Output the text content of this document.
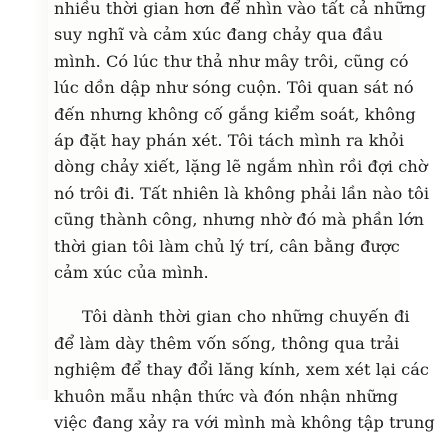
nhiều thời gian hơn để nhìn vào tất cả những
suy nghĩ và cảm xúc đang chảy qua đầu
mình. Có lúc thư thả như mây trôi, cũng có
lúc dồn dập như sóng cuộn. Tôi quan sát nó
đến nhưng không cố gắng kiểm soát, không
áp đặt hay phán xét. Tôi tách mình ra khỏi
dòng chảy xiết, lặng lẽ ngắm nhìn rồi đợi chờ
nó trôi đi. Tất nhiên là không phải lần nào tôi
cũng thành công, nhưng nhờ đó mà phần lớn
thời gian tôi làm chủ lý trí, cân bằng được
cảm xúc của mình.
Tôi dành thời gian cho những chuyến đi
để làm dày thêm vốn sống, thông qua trải
nghiệm để thay đổi lăng kính, xem xét lại các
khuôn mẫu nhận thức và đón nhận những
việc đang xảy ra với mình mà không tập trung
